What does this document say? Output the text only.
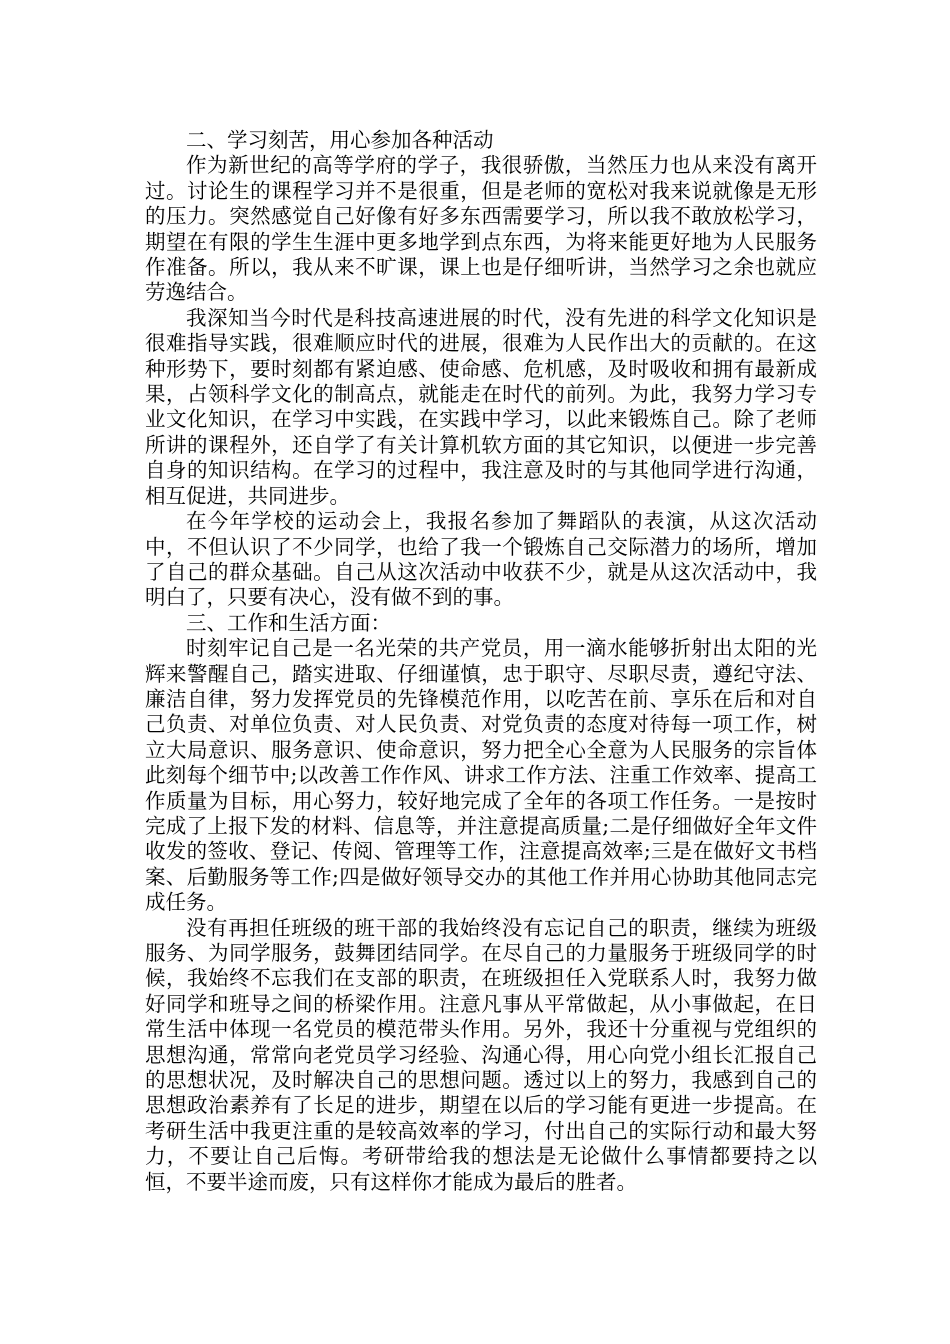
二、学习刻苦，用心参加各种活动

作为新世纪的高等学府的学子，我很骄傲，当然压力也从来没有离开过。讨论生的课程学习并不是很重，但是老师的宽松对我来说就像是无形的压力。突然感觉自己好像有好多东西需要学习，所以我不敢放松学习，期望在有限的学生生涯中更多地学到点东西，为将来能更好地为人民服务作准备。所以，我从来不旷课，课上也是仔细听讲，当然学习之余也就应劳逸结合。

我深知当今时代是科技高速进展的时代，没有先进的科学文化知识是很难指导实践，很难顺应时代的进展，很难为人民作出大的贡献的。在这种形势下，要时刻都有紧迫感、使命感、危机感，及时吸收和拥有最新成果，占领科学文化的制高点，就能走在时代的前列。为此，我努力学习专业文化知识，在学习中实践，在实践中学习，以此来锻炼自己。除了老师所讲的课程外，还自学了有关计算机软方面的其它知识，以便进一步完善自身的知识结构。在学习的过程中，我注意及时的与其他同学进行沟通，相互促进，共同进步。

在今年学校的运动会上，我报名参加了舞蹈队的表演，从这次活动中，不但认识了不少同学，也给了我一个锻炼自己交际潜力的场所，增加了自己的群众基础。自己从这次活动中收获不少，就是从这次活动中，我明白了，只要有决心，没有做不到的事。

三、工作和生活方面：

时刻牢记自己是一名光荣的共产党员，用一滴水能够折射出太阳的光辉来警醒自己，踏实进取、仔细谨慎，忠于职守、尽职尽责，遵纪守法、廉洁自律，努力发挥党员的先锋模范作用，以吃苦在前、享乐在后和对自己负责、对单位负责、对人民负责、对党负责的态度对待每一项工作，树立大局意识、服务意识、使命意识，努力把全心全意为人民服务的宗旨体此刻每个细节中;以改善工作作风、讲求工作方法、注重工作效率、提高工作质量为目标，用心努力，较好地完成了全年的各项工作任务。一是按时完成了上报下发的材料、信息等，并注意提高质量;二是仔细做好全年文件收发的签收、登记、传阅、管理等工作，注意提高效率;三是在做好文书档案、后勤服务等工作;四是做好领导交办的其他工作并用心协助其他同志完成任务。

没有再担任班级的班干部的我始终没有忘记自己的职责，继续为班级服务、为同学服务，鼓舞团结同学。在尽自己的力量服务于班级同学的时候，我始终不忘我们在支部的职责，在班级担任入党联系人时，我努力做好同学和班导之间的桥梁作用。注意凡事从平常做起，从小事做起，在日常生活中体现一名党员的模范带头作用。另外，我还十分重视与党组织的思想沟通，常常向老党员学习经验、沟通心得，用心向党小组长汇报自己的思想状况，及时解决自己的思想问题。透过以上的努力，我感到自己的思想政治素养有了长足的进步，期望在以后的学习能有更进一步提高。在考研生活中我更注重的是较高效率的学习，付出自己的实际行动和最大努力，不要让自己后悔。考研带给我的想法是无论做什么事情都要持之以恒，不要半途而废，只有这样你才能成为最后的胜者。
